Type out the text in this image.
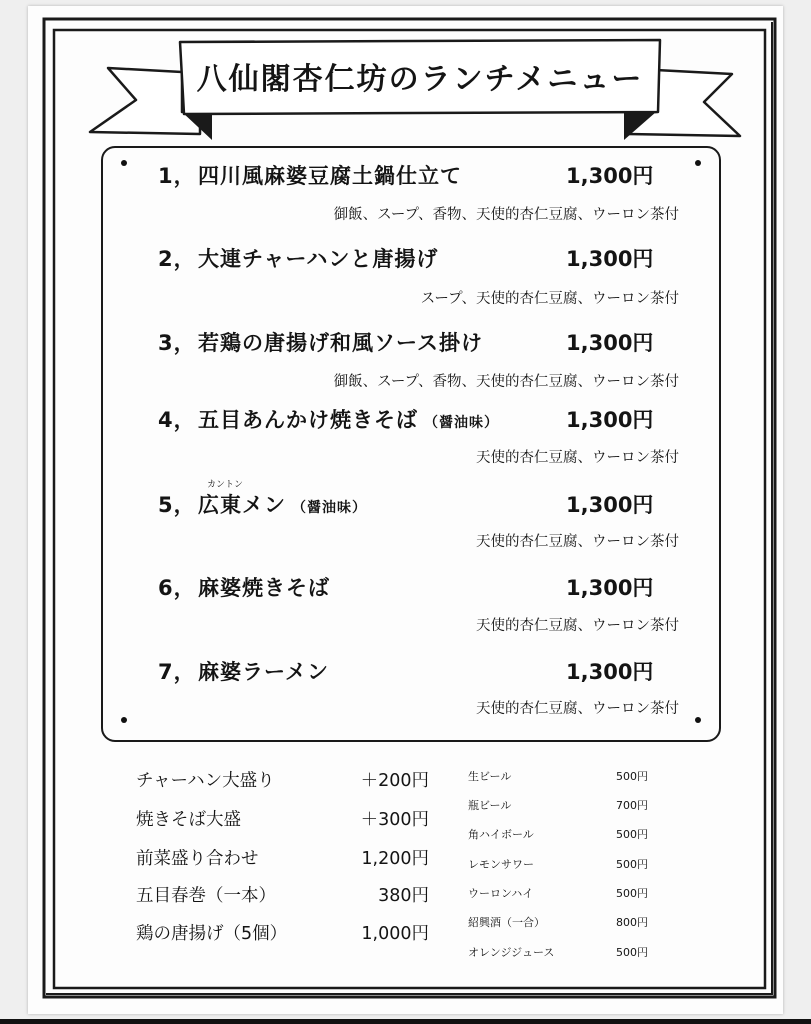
八仙閣杏仁坊のランチメニュー
1， 四川風麻婆豆腐土鍋仕立て	1,300円
御飯、スープ、香物、天使的杏仁豆腐、ウーロン茶付
2， 大連チャーハンと唐揚げ	1,300円
スープ、天使的杏仁豆腐、ウーロン茶付
3， 若鶏の唐揚げ和風ソース掛け	1,300円
御飯、スープ、香物、天使的杏仁豆腐、ウーロン茶付
4， 五目あんかけ焼きそば （醤油味）	1,300円
天使的杏仁豆腐、ウーロン茶付
カントン
5， 広東メン （醤油味）	1,300円
天使的杏仁豆腐、ウーロン茶付
6， 麻婆焼きそば	1,300円
天使的杏仁豆腐、ウーロン茶付
7， 麻婆ラーメン	1,300円
天使的杏仁豆腐、ウーロン茶付
チャーハン大盛り	＋200円
焼きそば大盛	＋300円
前菜盛り合わせ	1,200円
五目春巻（一本）	380円
鶏の唐揚げ（5個）	1,000円
生ビール	500円
瓶ビール	700円
角ハイボール	500円
レモンサワー	500円
ウーロンハイ	500円
紹興酒（一合）	800円
オレンジジュース	500円
